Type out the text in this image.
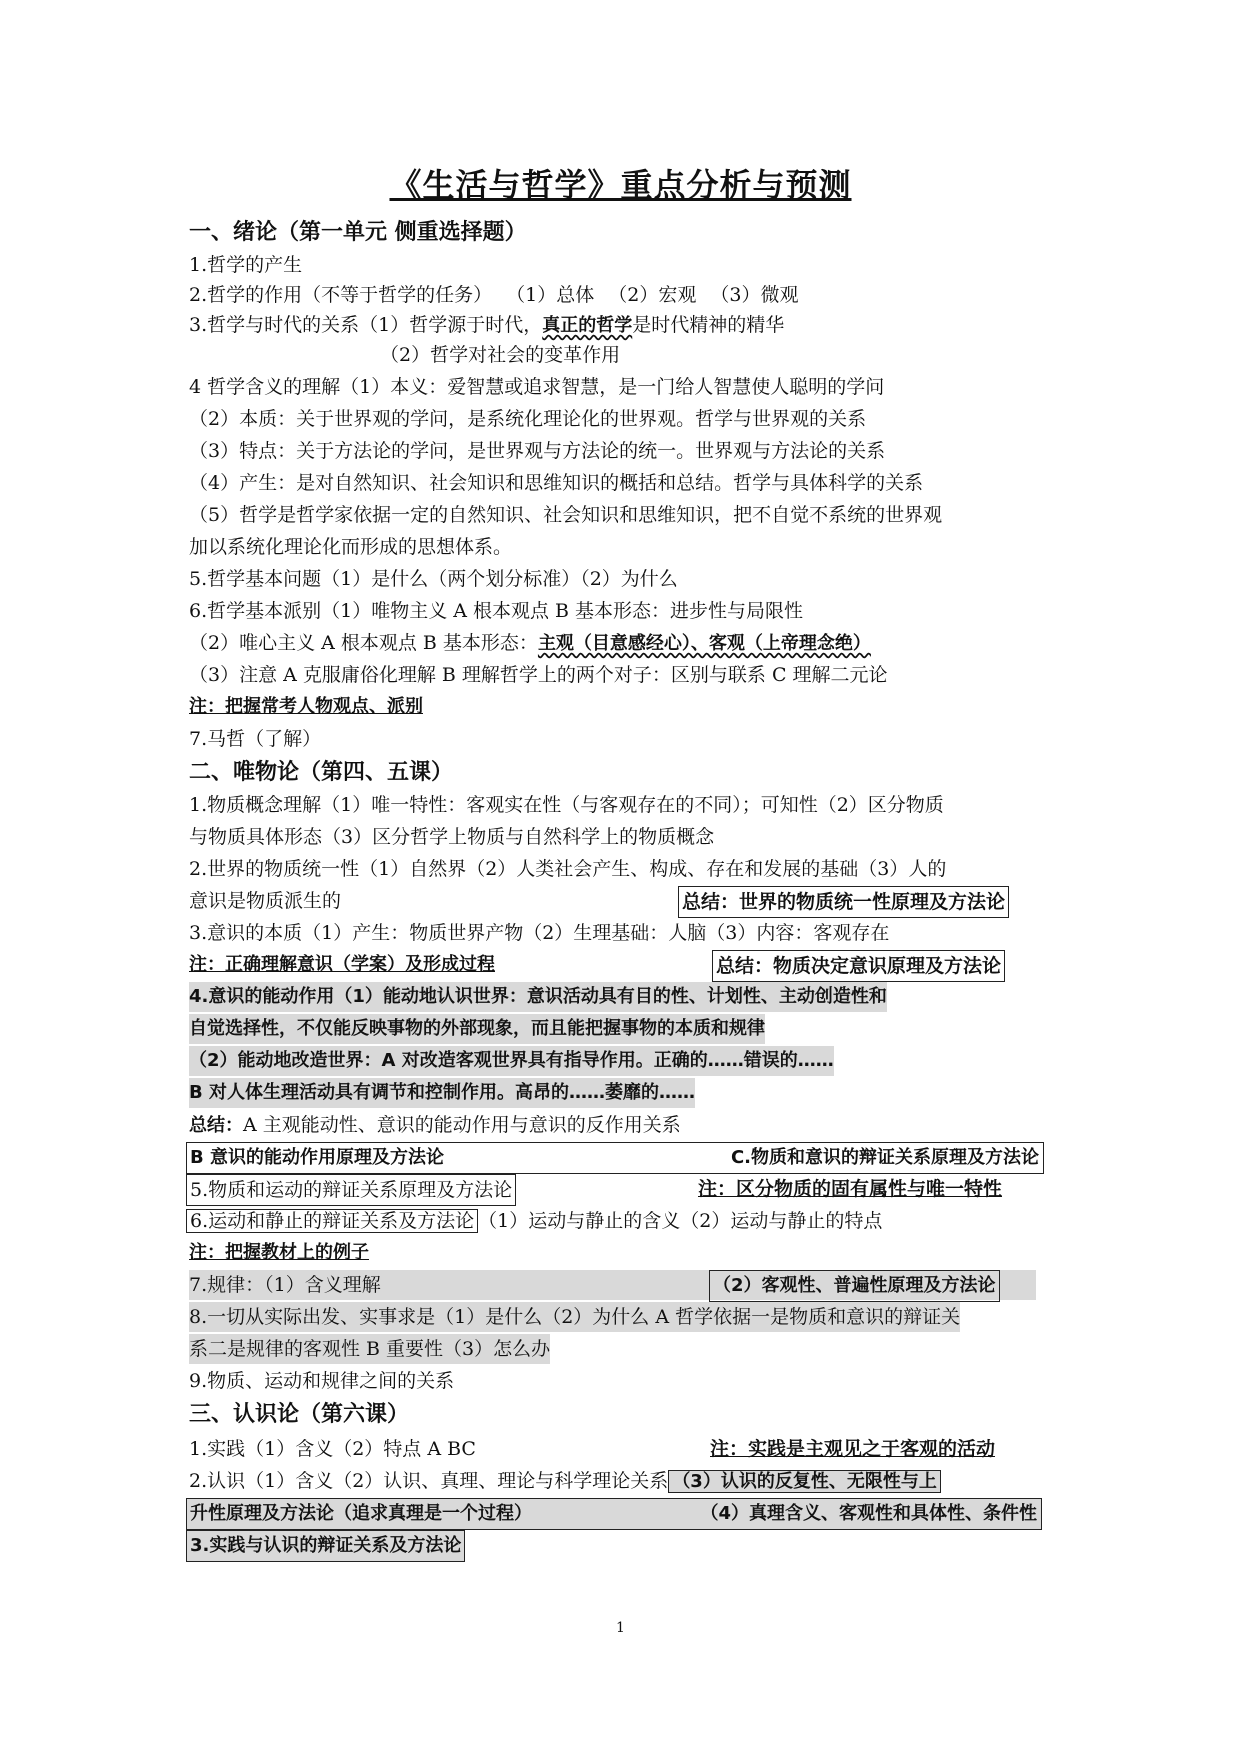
《生活与哲学》重点分析与预测
一、绪论（第一单元 侧重选择题）
1.哲学的产生
2.哲学的作用（不等于哲学的任务） （1）总体 （2）宏观 （3）微观
3.哲学与时代的关系（1）哲学源于时代，真正的哲学是时代精神的精华
（2）哲学对社会的变革作用
4 哲学含义的理解（1）本义：爱智慧或追求智慧，是一门给人智慧使人聪明的学问
（2）本质：关于世界观的学问，是系统化理论化的世界观。哲学与世界观的关系
（3）特点：关于方法论的学问，是世界观与方法论的统一。世界观与方法论的关系
（4）产生：是对自然知识、社会知识和思维知识的概括和总结。哲学与具体科学的关系
（5）哲学是哲学家依据一定的自然知识、社会知识和思维知识，把不自觉不系统的世界观
加以系统化理论化而形成的思想体系。
5.哲学基本问题（1）是什么（两个划分标准）（2）为什么
6.哲学基本派别（1）唯物主义 A 根本观点 B 基本形态：进步性与局限性
（2）唯心主义 A 根本观点 B 基本形态：主观（目意感经心）、客观（上帝理念绝）
（3）注意 A 克服庸俗化理解 B 理解哲学上的两个对子：区别与联系 C 理解二元论
注：把握常考人物观点、派别
7.马哲（了解）
二、唯物论（第四、五课）
1.物质概念理解（1）唯一特性：客观实在性（与客观存在的不同）；可知性（2）区分物质
与物质具体形态（3）区分哲学上物质与自然科学上的物质概念
2.世界的物质统一性（1）自然界（2）人类社会产生、构成、存在和发展的基础（3）人的
意识是物质派生的	总结：世界的物质统一性原理及方法论
3.意识的本质（1）产生：物质世界产物（2）生理基础：人脑（3）内容：客观存在
注：正确理解意识（学案）及形成过程	总结：物质决定意识原理及方法论
4.意识的能动作用（1）能动地认识世界：意识活动具有目的性、计划性、主动创造性和
自觉选择性，不仅能反映事物的外部现象，而且能把握事物的本质和规律
（2）能动地改造世界：A 对改造客观世界具有指导作用。正确的……错误的……
B 对人体生理活动具有调节和控制作用。高昂的……萎靡的……
总结：A 主观能动性、意识的能动作用与意识的反作用关系
B 意识的能动作用原理及方法论	C.物质和意识的辩证关系原理及方法论
5.物质和运动的辩证关系原理及方法论	注：区分物质的固有属性与唯一特性
6.运动和静止的辩证关系及方法论 （1）运动与静止的含义（2）运动与静止的特点
注：把握教材上的例子
7.规律：（1）含义理解	（2）客观性、普遍性原理及方法论
8.一切从实际出发、实事求是（1）是什么（2）为什么 A 哲学依据一是物质和意识的辩证关
系二是规律的客观性 B 重要性（3）怎么办
9.物质、运动和规律之间的关系
三、认识论（第六课）
1.实践（1）含义（2）特点 A BC	注：实践是主观见之于客观的活动
2.认识（1）含义（2）认识、真理、理论与科学理论关系 （3）认识的反复性、无限性与上
升性原理及方法论（追求真理是一个过程）	（4）真理含义、客观性和具体性、条件性
3.实践与认识的辩证关系及方法论
1
